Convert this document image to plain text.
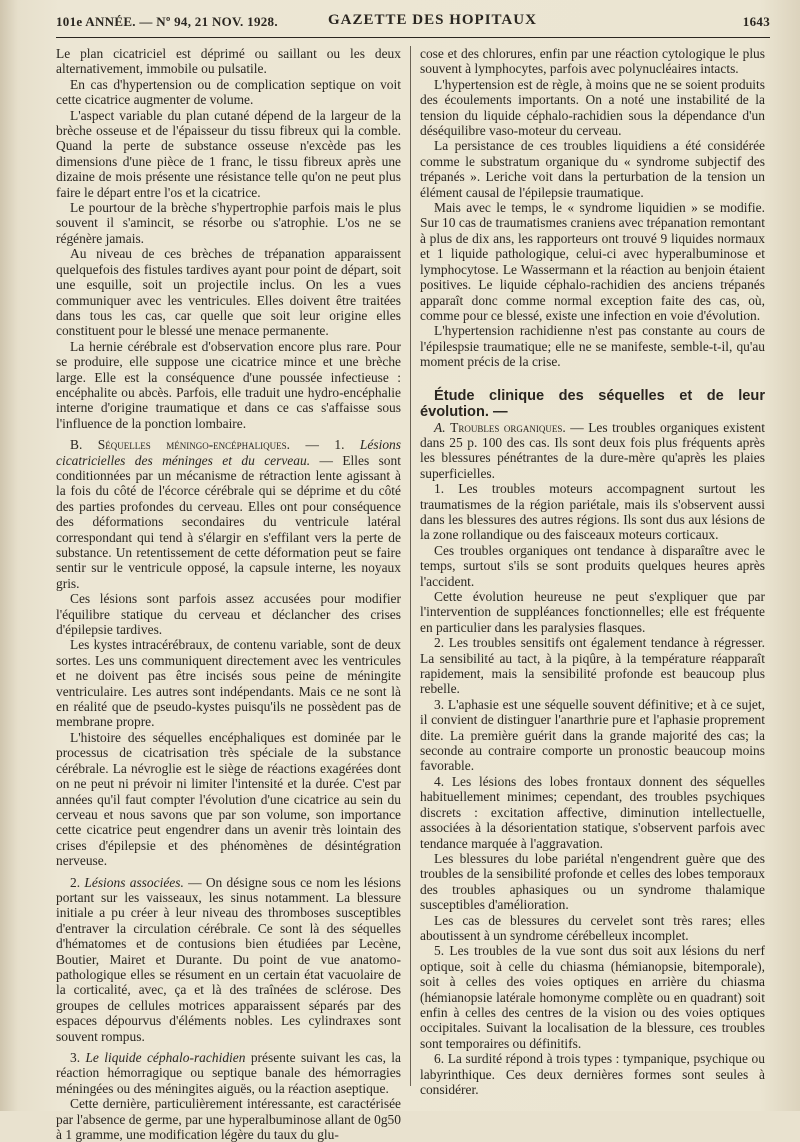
101e ANNÉE. — Nº 94, 21 NOV. 1928.	GAZETTE DES HOPITAUX	1643

Le plan cicatriciel est déprimé ou saillant ou les deux alternativement, immobile ou pulsatile.

En cas d'hypertension ou de complication septique on voit cette cicatrice augmenter de volume.

L'aspect variable du plan cutané dépend de la largeur de la brèche osseuse et de l'épaisseur du tissu fibreux qui la comble. Quand la perte de substance osseuse n'excède pas les dimensions d'une pièce de 1 franc, le tissu fibreux après une dizaine de mois présente une résistance telle qu'on ne peut plus faire le départ entre l'os et la cicatrice.

Le pourtour de la brèche s'hypertrophie parfois mais le plus souvent il s'amincit, se résorbe ou s'atrophie. L'os ne se régénère jamais.

Au niveau de ces brèches de trépanation apparaissent quelquefois des fistules tardives ayant pour point de départ, soit une esquille, soit un projectile inclus. On les a vues communiquer avec les ventricules. Elles doivent être traitées dans tous les cas, car quelle que soit leur origine elles constituent pour le blessé une menace permanente.

La hernie cérébrale est d'observation encore plus rare. Pour se produire, elle suppose une cicatrice mince et une brèche large. Elle est la conséquence d'une poussée infectieuse : encéphalite ou abcès. Parfois, elle traduit une hydro-encéphalie interne d'origine traumatique et dans ce cas s'affaisse sous l'influence de la ponction lombaire.

B. Séquelles méningo-encéphaliques. — 1. Lésions cicatricielles des méninges et du cerveau. — Elles sont conditionnées par un mécanisme de rétraction lente agissant à la fois du côté de l'écorce cérébrale qui se déprime et du côté des parties profondes du cerveau. Elles ont pour conséquence des déformations secondaires du ventricule latéral correspondant qui tend à s'élargir en s'effilant vers la perte de substance. Un retentissement de cette déformation peut se faire sentir sur le ventricule opposé, la capsule interne, les noyaux gris.

Ces lésions sont parfois assez accusées pour modifier l'équilibre statique du cerveau et déclancher des crises d'épilepsie tardives.

Les kystes intracérébraux, de contenu variable, sont de deux sortes. Les uns communiquent directement avec les ventricules et ne doivent pas être incisés sous peine de méningite ventriculaire. Les autres sont indépendants. Mais ce ne sont là en réalité que de pseudo-kystes puisqu'ils ne possèdent pas de membrane propre.

L'histoire des séquelles encéphaliques est dominée par le processus de cicatrisation très spéciale de la substance cérébrale. La névroglie est le siège de réactions exagérées dont on ne peut ni prévoir ni limiter l'intensité et la durée. C'est par années qu'il faut compter l'évolution d'une cicatrice au sein du cerveau et nous savons que par son volume, son importance cette cicatrice peut engendrer dans un avenir très lointain des crises d'épilepsie et des phénomènes de désintégration nerveuse.

2. Lésions associées. — On désigne sous ce nom les lésions portant sur les vaisseaux, les sinus notamment. La blessure initiale a pu créer à leur niveau des thromboses susceptibles d'entraver la circulation cérébrale. Ce sont là des séquelles d'hématomes et de contusions bien étudiées par Lecène, Boutier, Mairet et Durante. Du point de vue anatomo-pathologique elles se résument en un certain état vacuolaire de la corticalité, avec, ça et là des traînées de sclérose. Des groupes de cellules motrices apparaissent séparés par des espaces dépourvus d'éléments nobles. Les cylindraxes sont souvent rompus.

3. Le liquide céphalo-rachidien présente suivant les cas, la réaction hémorragique ou septique banale des hémorragies méningées ou des méningites aiguës, ou la réaction aseptique.

Cette dernière, particulièrement intéressante, est caractérisée par l'absence de germe, par une hyperalbuminose allant de 0g50 à 1 gramme, une modification légère du taux du glu-

cose et des chlorures, enfin par une réaction cytologique le plus souvent à lymphocytes, parfois avec polynucléaires intacts.

L'hypertension est de règle, à moins que ne se soient produits des écoulements importants. On a noté une instabilité de la tension du liquide céphalo-rachidien sous la dépendance d'un déséquilibre vaso-moteur du cerveau.

La persistance de ces troubles liquidiens a été considérée comme le substratum organique du « syndrome subjectif des trépanés ». Leriche voit dans la perturbation de la tension un élément causal de l'épilepsie traumatique.

Mais avec le temps, le « syndrome liquidien » se modifie. Sur 10 cas de traumatismes craniens avec trépanation remontant à plus de dix ans, les rapporteurs ont trouvé 9 liquides normaux et 1 liquide pathologique, celui-ci avec hyperalbuminose et lymphocytose. Le Wassermann et la réaction au benjoin étaient positives. Le liquide céphalo-rachidien des anciens trépanés apparaît donc comme normal exception faite des cas, où, comme pour ce blessé, existe une infection en voie d'évolution.

L'hypertension rachidienne n'est pas constante au cours de l'épilespsie traumatique; elle ne se manifeste, semble-t-il, qu'au moment précis de la crise.

Étude clinique des séquelles et de leur évolution. —

A. Troubles organiques. — Les troubles organiques existent dans 25 p. 100 des cas. Ils sont deux fois plus fréquents après les blessures pénétrantes de la dure-mère qu'après les plaies superficielles.

1. Les troubles moteurs accompagnent surtout les traumatismes de la région pariétale, mais ils s'observent aussi dans les blessures des autres régions. Ils sont dus aux lésions de la zone rollandique ou des faisceaux moteurs corticaux.

Ces troubles organiques ont tendance à disparaître avec le temps, surtout s'ils se sont produits quelques heures après l'accident.

Cette évolution heureuse ne peut s'expliquer que par l'intervention de suppléances fonctionnelles; elle est fréquente en particulier dans les paralysies flasques.

2. Les troubles sensitifs ont également tendance à régresser. La sensibilité au tact, à la piqûre, à la température réapparaît rapidement, mais la sensibilité profonde est beaucoup plus rebelle.

3. L'aphasie est une séquelle souvent définitive; et à ce sujet, il convient de distinguer l'anarthrie pure et l'aphasie proprement dite. La première guérit dans la grande majorité des cas; la seconde au contraire comporte un pronostic beaucoup moins favorable.

4. Les lésions des lobes frontaux donnent des séquelles habituellement minimes; cependant, des troubles psychiques discrets : excitation affective, diminution intellectuelle, associées à la désorientation statique, s'observent parfois avec tendance marquée à l'aggravation.

Les blessures du lobe pariétal n'engendrent guère que des troubles de la sensibilité profonde et celles des lobes temporaux des troubles aphasiques ou un syndrome thalamique susceptibles d'amélioration.

Les cas de blessures du cervelet sont très rares; elles aboutissent à un syndrome cérébelleux incomplet.

5. Les troubles de la vue sont dus soit aux lésions du nerf optique, soit à celle du chiasma (hémianopsie, bitemporale), soit à celles des voies optiques en arrière du chiasma (hémianopsie latérale homonyme complète ou en quadrant) soit enfin à celles des centres de la vision ou des voies optiques occipitales. Suivant la localisation de la blessure, ces troubles sont temporaires ou définitifs.

6. La surdité répond à trois types : tympanique, psychique ou labyrinthique. Ces deux dernières formes sont seules à considérer.
